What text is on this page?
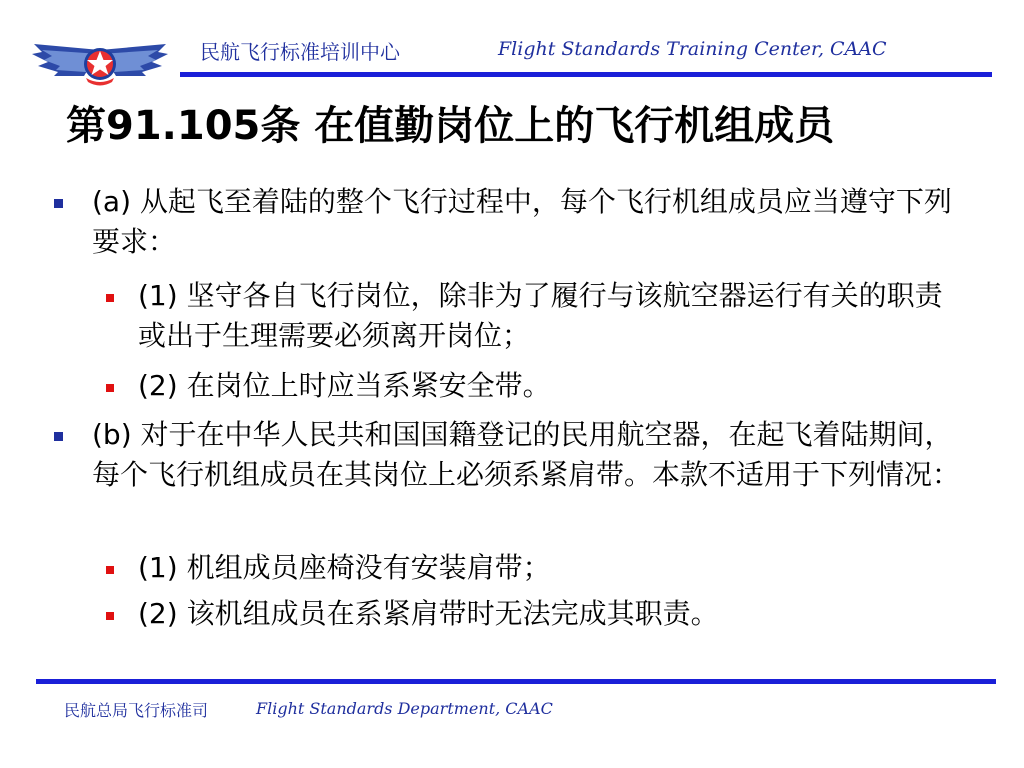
民航飞行标准培训中心	Flight Standards Training Center, CAAC
第91.105条 在值勤岗位上的飞行机组成员
(a) 从起飞至着陆的整个飞行过程中，每个飞行机组成员应当遵守下列要求：
(1) 坚守各自飞行岗位，除非为了履行与该航空器运行有关的职责或出于生理需要必须离开岗位；
(2) 在岗位上时应当系紧安全带。
(b) 对于在中华人民共和国国籍登记的民用航空器，在起飞着陆期间，每个飞行机组成员在其岗位上必须系紧肩带。本款不适用于下列情况：
(1) 机组成员座椅没有安装肩带；
(2) 该机组成员在系紧肩带时无法完成其职责。
民航总局飞行标准司	Flight Standards Department, CAAC
